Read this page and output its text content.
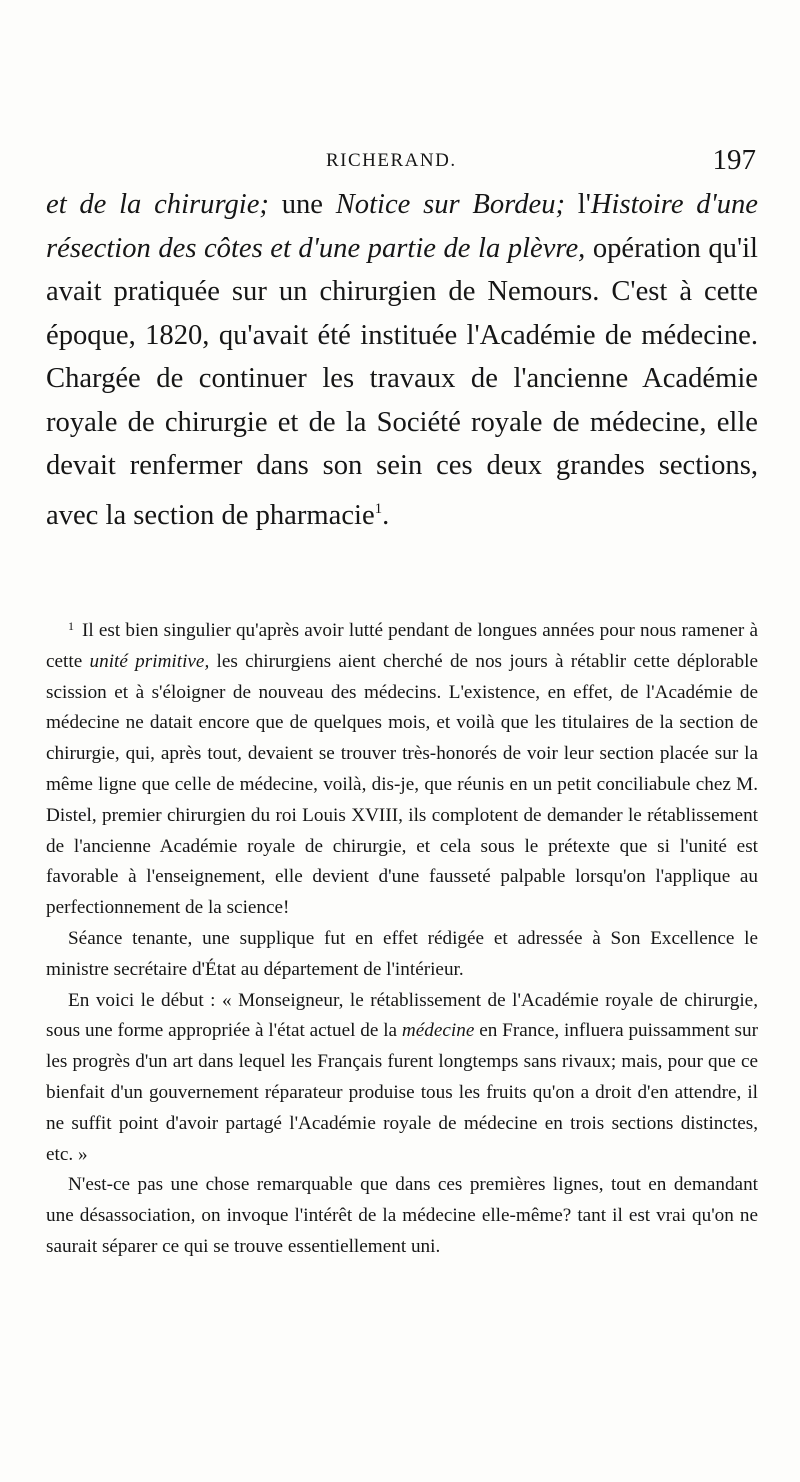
RICHERAND.	197

et de la chirurgie; une Notice sur Bordeu; l'Histoire d'une résection des côtes et d'une partie de la plèvre, opération qu'il avait pratiquée sur un chirurgien de Nemours. C'est à cette époque, 1820, qu'avait été instituée l'Académie de médecine. Chargée de continuer les travaux de l'ancienne Académie royale de chirurgie et de la Société royale de médecine, elle devait renfermer dans son sein ces deux grandes sections, avec la section de pharmacie$^1$.

$^1$ Il est bien singulier qu'après avoir lutté pendant de longues années pour nous ramener à cette unité primitive, les chirurgiens aient cherché de nos jours à rétablir cette déplorable scission et à s'éloigner de nouveau des médecins. L'existence, en effet, de l'Académie de médecine ne datait encore que de quelques mois, et voilà que les titulaires de la section de chirurgie, qui, après tout, devaient se trouver très-honorés de voir leur section placée sur la même ligne que celle de médecine, voilà, dis-je, que réunis en un petit conciliabule chez M. Distel, premier chirurgien du roi Louis XVIII, ils complotent de demander le rétablissement de l'ancienne Académie royale de chirurgie, et cela sous le prétexte que si l'unité est favorable à l'enseignement, elle devient d'une fausseté palpable lorsqu'on l'applique au perfectionnement de la science!

Séance tenante, une supplique fut en effet rédigée et adressée à Son Excellence le ministre secrétaire d'État au département de l'intérieur.

En voici le début : « Monseigneur, le rétablissement de l'Académie royale de chirurgie, sous une forme appropriée à l'état actuel de la médecine en France, influera puissamment sur les progrès d'un art dans lequel les Français furent longtemps sans rivaux; mais, pour que ce bienfait d'un gouvernement réparateur produise tous les fruits qu'on a droit d'en attendre, il ne suffit point d'avoir partagé l'Académie royale de médecine en trois sections distinctes, etc. »

N'est-ce pas une chose remarquable que dans ces premières lignes, tout en demandant une désassociation, on invoque l'intérêt de la médecine elle-même? tant il est vrai qu'on ne saurait séparer ce qui se trouve essentiellement uni.
